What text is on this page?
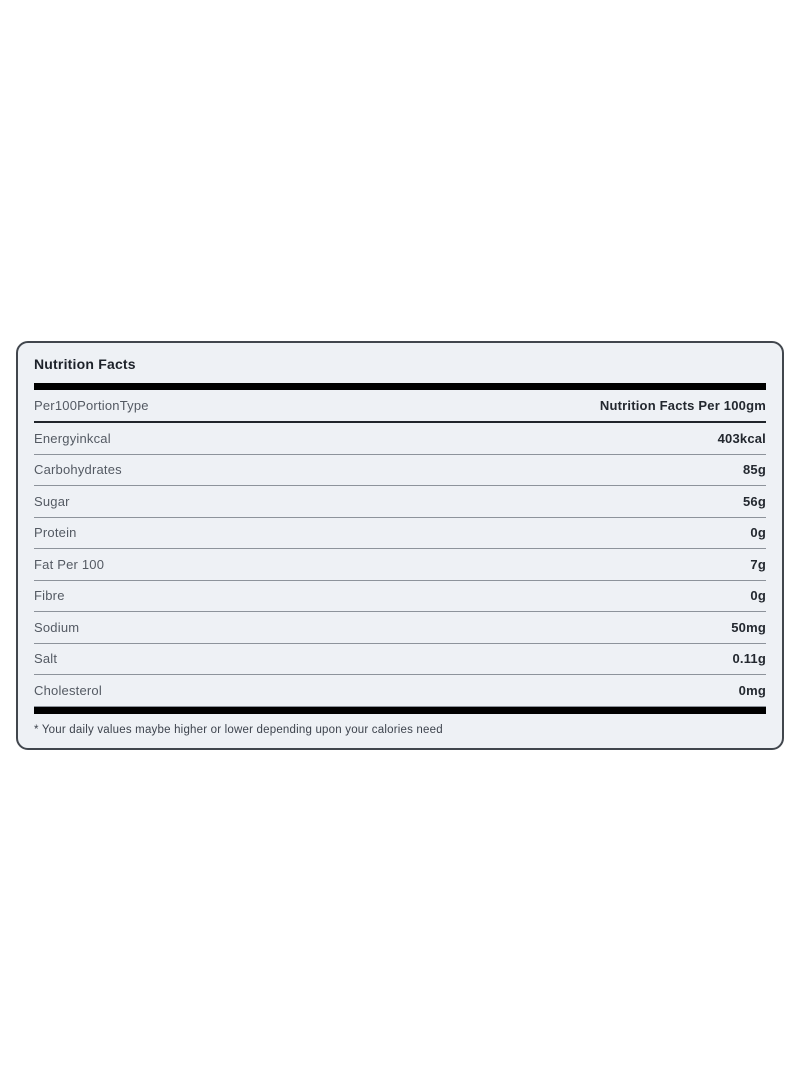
Nutrition Facts
Per100PortionType	Nutrition Facts Per 100gm
Energyinkcal	403kcal
Carbohydrates	85g
Sugar	56g
Protein	0g
Fat Per 100	7g
Fibre	0g
Sodium	50mg
Salt	0.11g
Cholesterol	0mg
* Your daily values maybe higher or lower depending upon your calories need
